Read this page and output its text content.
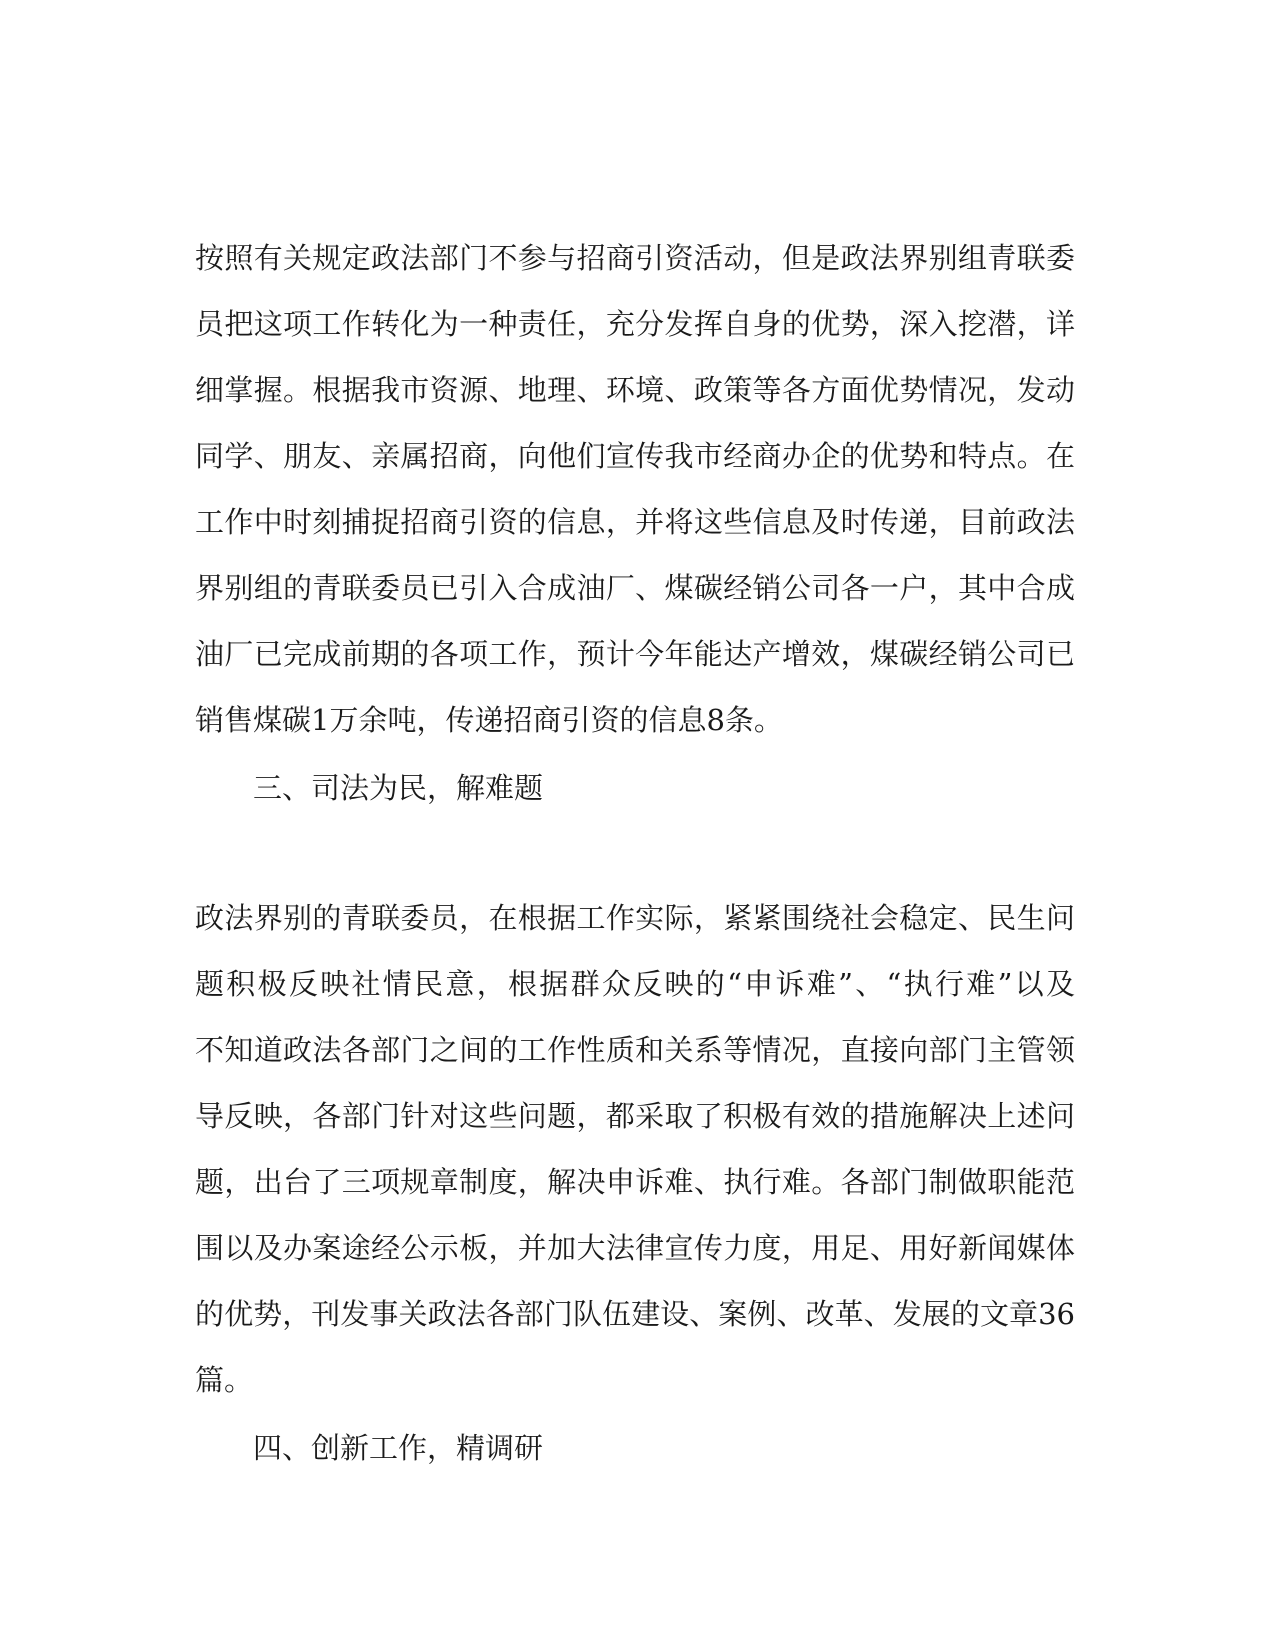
按照有关规定政法部门不参与招商引资活动，但是政法界别组青联委
员把这项工作转化为一种责任，充分发挥自身的优势，深入挖潜，详
细掌握。根据我市资源、地理、环境、政策等各方面优势情况，发动
同学、朋友、亲属招商，向他们宣传我市经商办企的优势和特点。在
工作中时刻捕捉招商引资的信息，并将这些信息及时传递，目前政法
界别组的青联委员已引入合成油厂、煤碳经销公司各一户，其中合成
油厂已完成前期的各项工作，预计今年能达产增效，煤碳经销公司已
销售煤碳1万余吨，传递招商引资的信息8条。
三、司法为民，解难题
政法界别的青联委员，在根据工作实际，紧紧围绕社会稳定、民生问
题积极反映社情民意，根据群众反映的“申诉难”、“执行难”以及
不知道政法各部门之间的工作性质和关系等情况，直接向部门主管领
导反映，各部门针对这些问题，都采取了积极有效的措施解决上述问
题，出台了三项规章制度，解决申诉难、执行难。各部门制做职能范
围以及办案途经公示板，并加大法律宣传力度，用足、用好新闻媒体
的优势，刊发事关政法各部门队伍建设、案例、改革、发展的文章36
篇。
四、创新工作，精调研
